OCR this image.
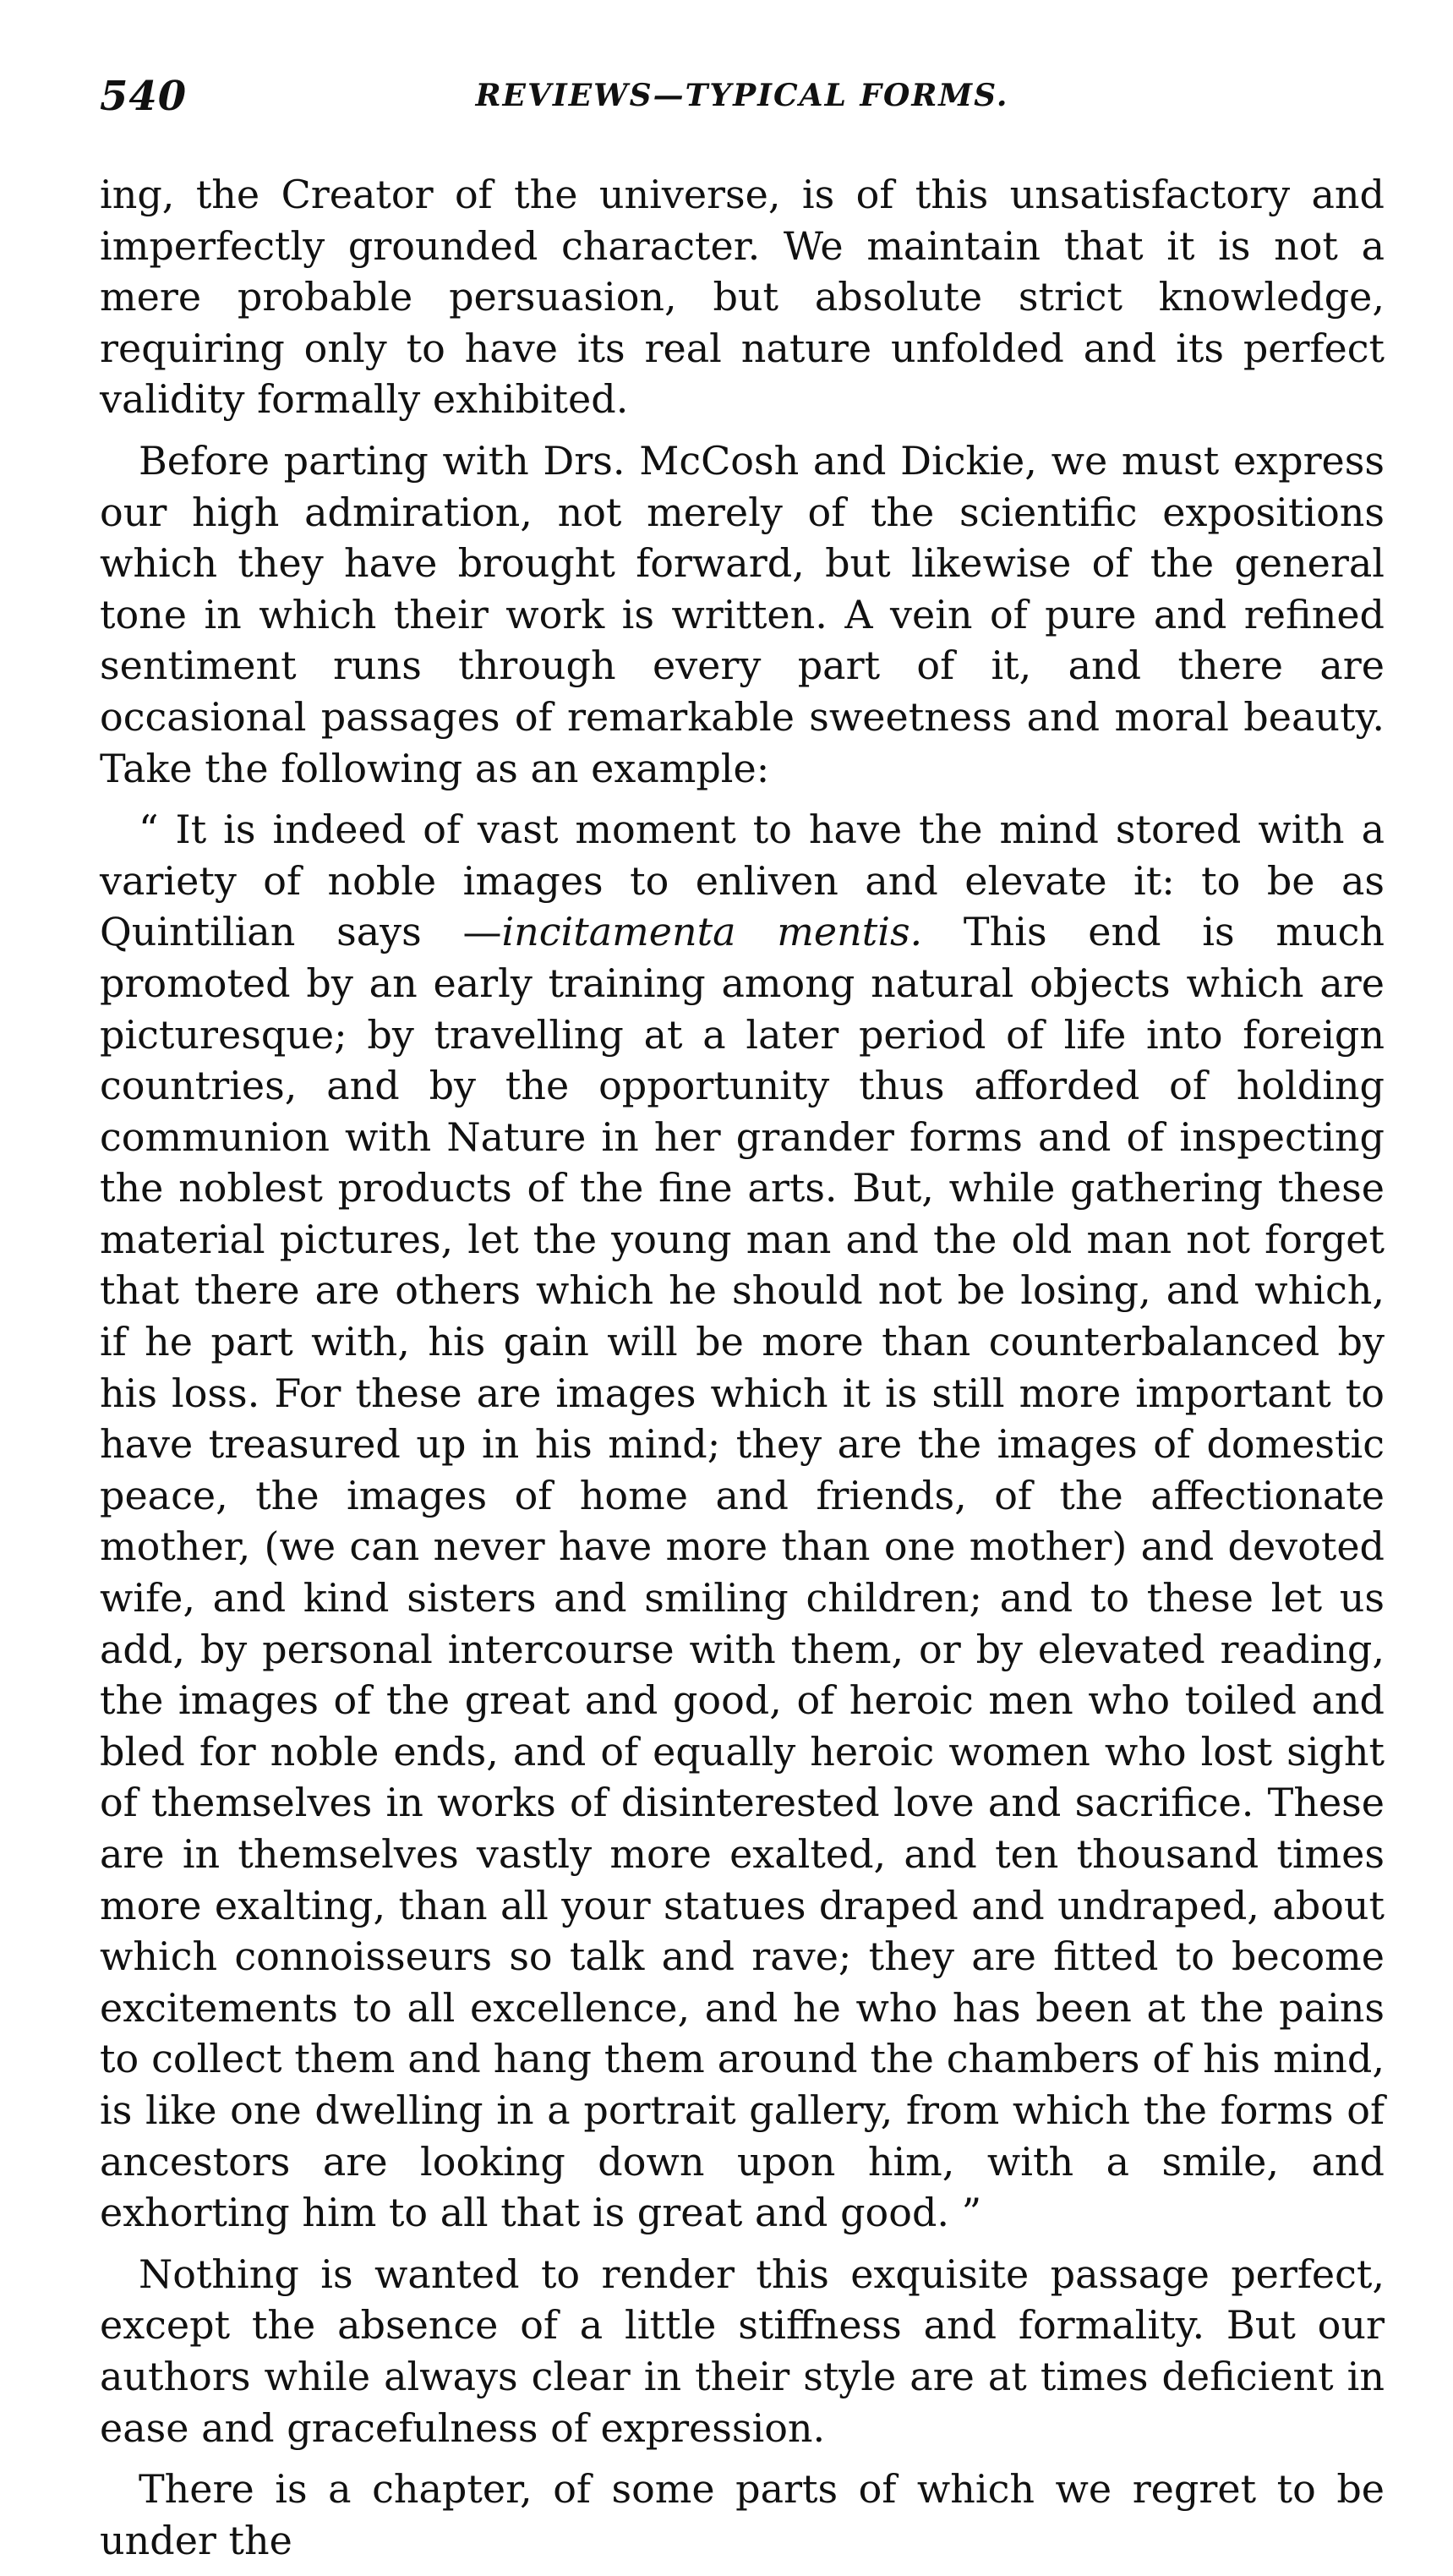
540	REVIEWS—TYPICAL FORMS.

ing, the Creator of the universe, is of this unsatisfactory and imperfectly grounded character. We maintain that it is not a mere probable persuasion, but absolute strict knowledge, requiring only to have its real nature unfolded and its perfect validity formally exhibited.

Before parting with Drs. McCosh and Dickie, we must express our high admiration, not merely of the scientific expositions which they have brought forward, but likewise of the general tone in which their work is written. A vein of pure and refined sentiment runs through every part of it, and there are occasional passages of remarkable sweetness and moral beauty. Take the following as an example:

“ It is indeed of vast moment to have the mind stored with a variety of noble images to enliven and elevate it: to be as Quintilian says —incitamenta mentis. This end is much promoted by an early training among natural objects which are picturesque; by travelling at a later period of life into foreign countries, and by the opportunity thus afforded of holding communion with Nature in her grander forms and of inspecting the noblest products of the fine arts. But, while gathering these material pictures, let the young man and the old man not forget that there are others which he should not be losing, and which, if he part with, his gain will be more than counterbalanced by his loss. For these are images which it is still more important to have treasured up in his mind; they are the images of domestic peace, the images of home and friends, of the affectionate mother, (we can never have more than one mother) and devoted wife, and kind sisters and smiling children; and to these let us add, by personal intercourse with them, or by elevated reading, the images of the great and good, of heroic men who toiled and bled for noble ends, and of equally heroic women who lost sight of themselves in works of disinterested love and sacrifice. These are in themselves vastly more exalted, and ten thousand times more exalting, than all your statues draped and undraped, about which connoisseurs so talk and rave; they are fitted to become excitements to all excellence, and he who has been at the pains to collect them and hang them around the chambers of his mind, is like one dwelling in a portrait gallery, from which the forms of ancestors are looking down upon him, with a smile, and exhorting him to all that is great and good. ”

Nothing is wanted to render this exquisite passage perfect, except the absence of a little stiffness and formality. But our authors while always clear in their style are at times deficient in ease and gracefulness of expression.

There is a chapter, of some parts of which we regret to be under the
